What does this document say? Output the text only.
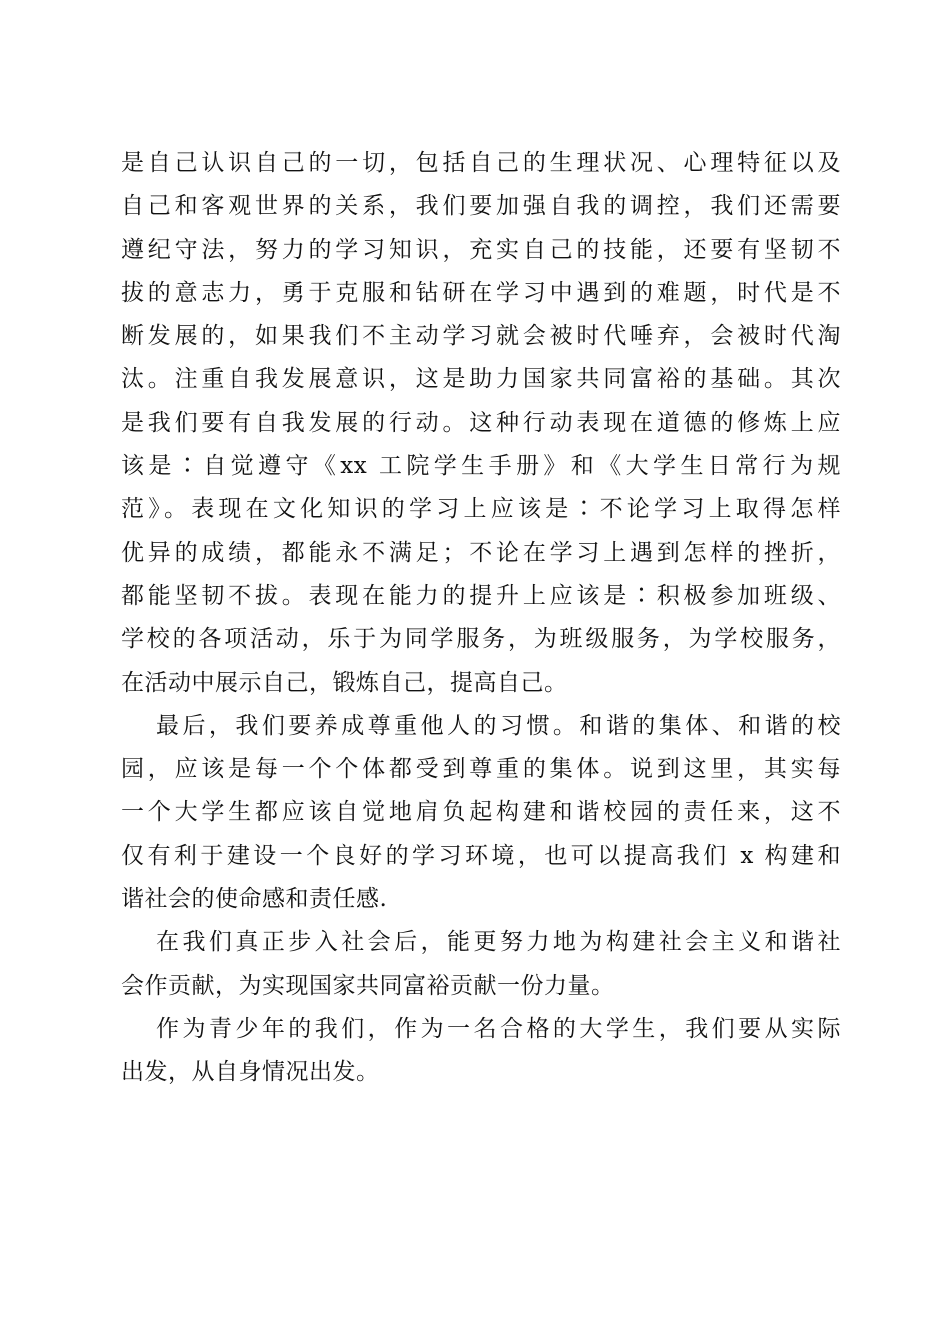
是自己认识自己的一切，包括自己的生理状况、心理特征以及
自己和客观世界的关系，我们要加强自我的调控，我们还需要
遵纪守法，努力的学习知识，充实自己的技能，还要有坚韧不
拔的意志力，勇于克服和钻研在学习中遇到的难题，时代是不
断发展的，如果我们不主动学习就会被时代唾弃，会被时代淘
汰。注重自我发展意识，这是助力国家共同富裕的基础。其次
是我们要有自我发展的行动。这种行动表现在道德的修炼上应
该是∶自觉遵守《xx 工院学生手册》和《大学生日常行为规
范》。表现在文化知识的学习上应该是∶不论学习上取得怎样
优异的成绩，都能永不满足；不论在学习上遇到怎样的挫折，
都能坚韧不拔。表现在能力的提升上应该是∶积极参加班级、
学校的各项活动，乐于为同学服务，为班级服务，为学校服务，
在活动中展示自己，锻炼自己，提高自己。
最后，我们要养成尊重他人的习惯。和谐的集体、和谐的校
园，应该是每一个个体都受到尊重的集体。说到这里，其实每
一个大学生都应该自觉地肩负起构建和谐校园的责任来，这不
仅有利于建设一个良好的学习环境，也可以提高我们 x 构建和
谐社会的使命感和责任感.
在我们真正步入社会后，能更努力地为构建社会主义和谐社
会作贡献，为实现国家共同富裕贡献一份力量。
作为青少年的我们，作为一名合格的大学生，我们要从实际
出发，从自身情况出发。
